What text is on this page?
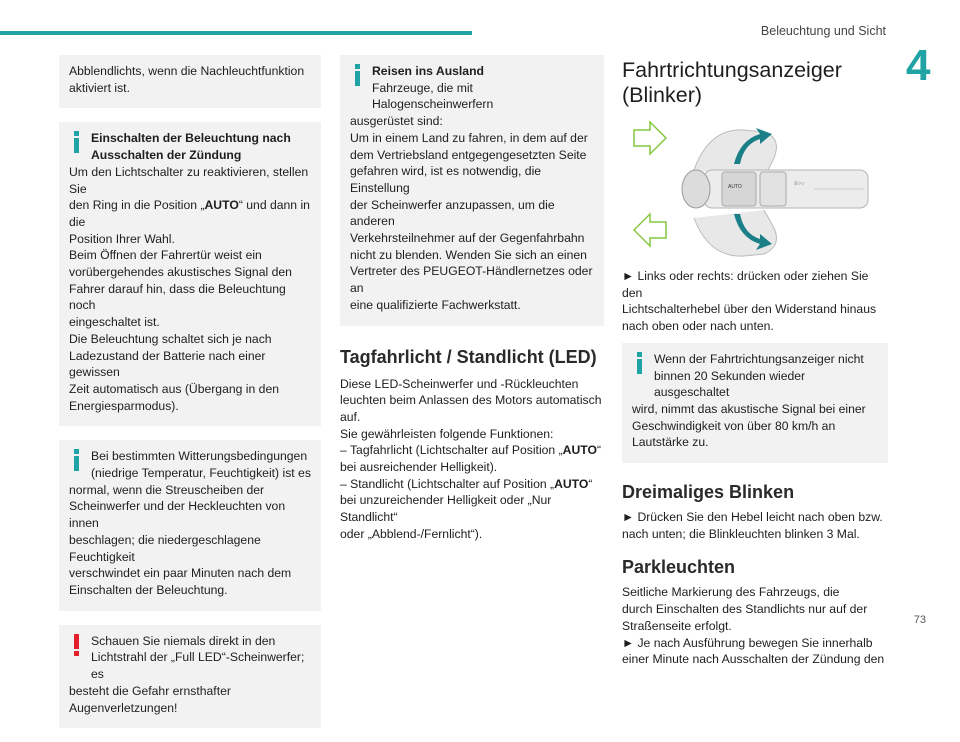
Beleuchtung und Sicht
4
73

Abblendlichts, wenn die Nachleuchtfunktion

aktiviert ist.

Einschalten der Beleuchtung nach

Ausschalten der Zündung

Um den Lichtschalter zu reaktivieren, stellen Sie

den Ring in die Position „AUTO“ und dann in die

Position Ihrer Wahl.

Beim Öffnen der Fahrertür weist ein

vorübergehendes akustisches Signal den

Fahrer darauf hin, dass die Beleuchtung noch

eingeschaltet ist.

Die Beleuchtung schaltet sich je nach

Ladezustand der Batterie nach einer gewissen

Zeit automatisch aus (Übergang in den

Energiesparmodus).

Bei bestimmten Witterungsbedingungen

(niedrige Temperatur, Feuchtigkeit) ist es

normal, wenn die Streuscheiben der

Scheinwerfer und der Heckleuchten von innen

beschlagen; die niedergeschlagene Feuchtigkeit

verschwindet ein paar Minuten nach dem

Einschalten der Beleuchtung.

Schauen Sie niemals direkt in den

Lichtstrahl der „Full LED“-Scheinwerfer; es

besteht die Gefahr ernsthafter

Augenverletzungen!

Reisen ins Ausland

Fahrzeuge, die mit Halogenscheinwerfern

ausgerüstet sind:

Um in einem Land zu fahren, in dem auf der

dem Vertriebsland entgegengesetzten Seite

gefahren wird, ist es notwendig, die Einstellung

der Scheinwerfer anzupassen, um die anderen

Verkehrsteilnehmer auf der Gegenfahrbahn

nicht zu blenden. Wenden Sie sich an einen

Vertreter des PEUGEOT-Händlernetzes oder an

eine qualifizierte Fachwerkstatt.

Tagfahrlicht / Standlicht (LED)

Diese LED-Scheinwerfer und -Rückleuchten

leuchten beim Anlassen des Motors automatisch

auf.

Sie gewährleisten folgende Funktionen:

– Tagfahrlicht (Lichtschalter auf Position „AUTO“

bei ausreichender Helligkeit).

– Standlicht (Lichtschalter auf Position „AUTO“

bei unzureichender Helligkeit oder „Nur Standlicht“

oder „Abblend-/Fernlicht“).

Fahrtrichtungsanzeiger
(Blinker)
AUTO	≡○○

► Links oder rechts: drücken oder ziehen Sie den

Lichtschalterhebel über den Widerstand hinaus

nach oben oder nach unten.

Wenn der Fahrtrichtungsanzeiger nicht

binnen 20 Sekunden wieder ausgeschaltet

wird, nimmt das akustische Signal bei einer

Geschwindigkeit von über 80 km/h an

Lautstärke zu.

Dreimaliges Blinken

► Drücken Sie den Hebel leicht nach oben bzw.

nach unten; die Blinkleuchten blinken 3 Mal.

Parkleuchten

Seitliche Markierung des Fahrzeugs, die

durch Einschalten des Standlichts nur auf der

Straßenseite erfolgt.

► Je nach Ausführung bewegen Sie innerhalb

einer Minute nach Ausschalten der Zündung den
